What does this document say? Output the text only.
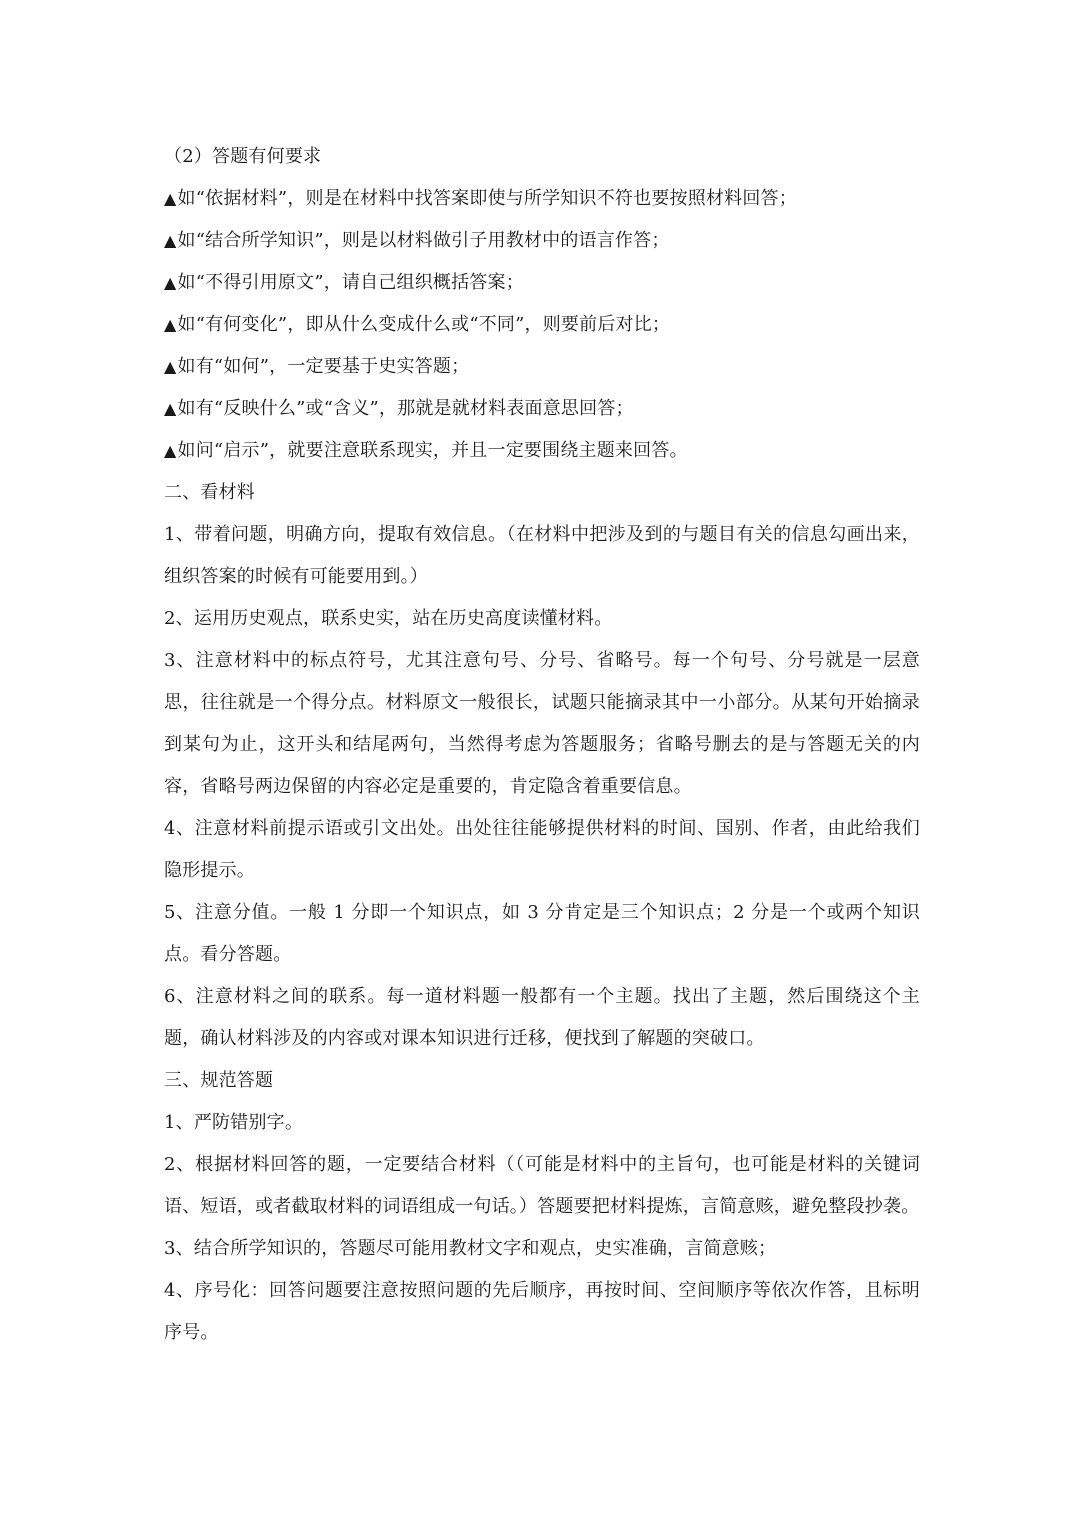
（2）答题有何要求

▲如“依据材料”，则是在材料中找答案即使与所学知识不符也要按照材料回答；

▲如“结合所学知识”，则是以材料做引子用教材中的语言作答；

▲如“不得引用原文”，请自己组织概括答案；

▲如“有何变化”，即从什么变成什么或“不同”，则要前后对比；

▲如有“如何”，一定要基于史实答题；

▲如有“反映什么”或“含义”，那就是就材料表面意思回答；

▲如问“启示”，就要注意联系现实，并且一定要围绕主题来回答。

二、看材料

1、带着问题，明确方向，提取有效信息。（在材料中把涉及到的与题目有关的信息勾画出来，组织答案的时候有可能要用到。）

2、运用历史观点，联系史实，站在历史高度读懂材料。

3、注意材料中的标点符号，尤其注意句号、分号、省略号。每一个句号、分号就是一层意思，往往就是一个得分点。材料原文一般很长，试题只能摘录其中一小部分。从某句开始摘录到某句为止，这开头和结尾两句，当然得考虑为答题服务；省略号删去的是与答题无关的内容，省略号两边保留的内容必定是重要的，肯定隐含着重要信息。

4、注意材料前提示语或引文出处。出处往往能够提供材料的时间、国别、作者，由此给我们隐形提示。

5、注意分值。一般 1 分即一个知识点，如 3 分肯定是三个知识点；2 分是一个或两个知识点。看分答题。

6、注意材料之间的联系。每一道材料题一般都有一个主题。找出了主题，然后围绕这个主题，确认材料涉及的内容或对课本知识进行迁移，便找到了解题的突破口。

三、规范答题

1、严防错别字。

2、根据材料回答的题，一定要结合材料（（可能是材料中的主旨句，也可能是材料的关键词语、短语，或者截取材料的词语组成一句话。）答题要把材料提炼，言简意赅，避免整段抄袭。

3、结合所学知识的，答题尽可能用教材文字和观点，史实准确，言简意赅；

4、序号化：回答问题要注意按照问题的先后顺序，再按时间、空间顺序等依次作答，且标明序号。
